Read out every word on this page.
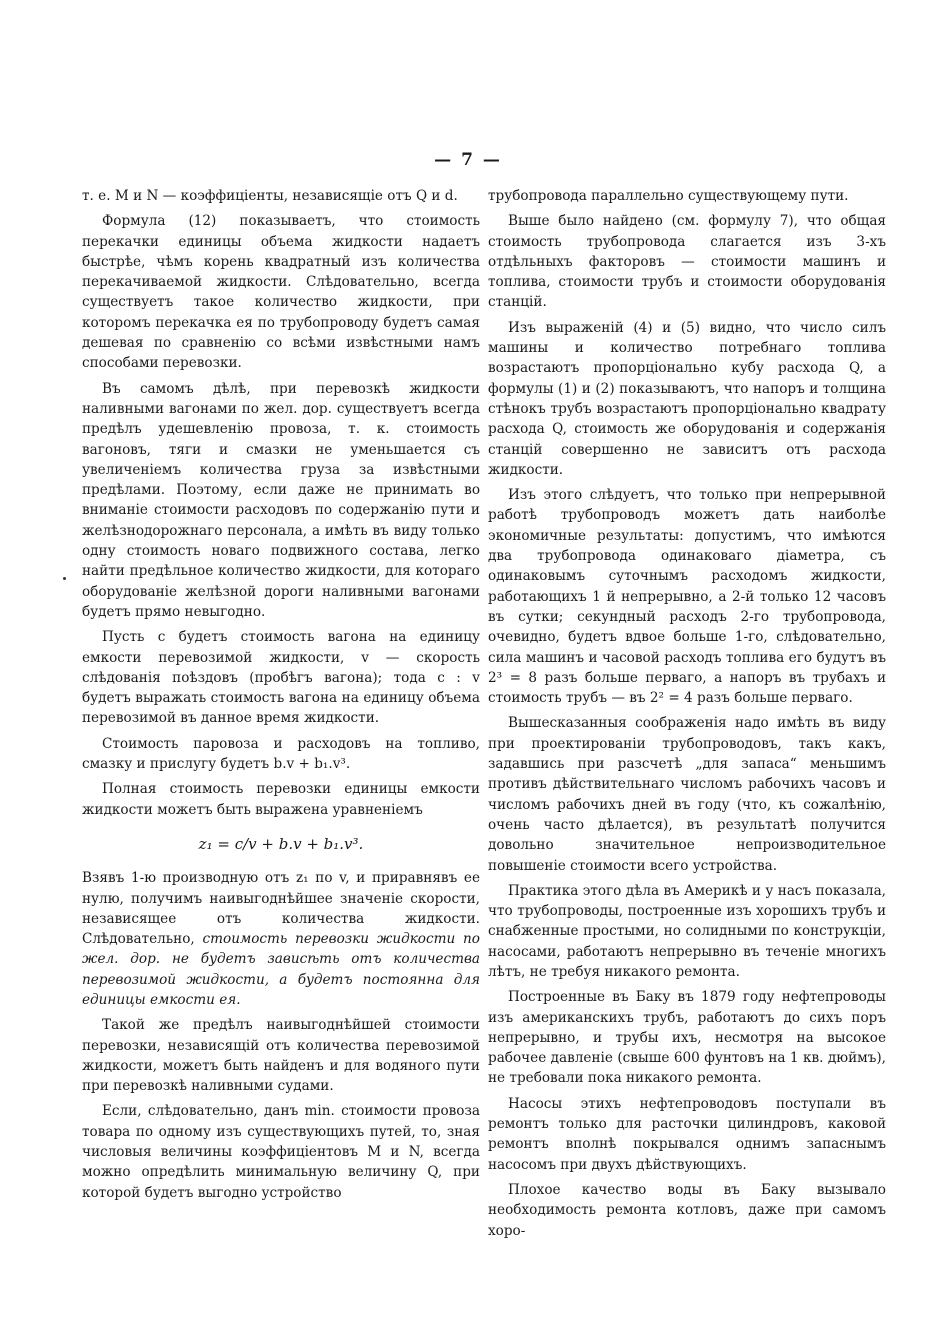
— 7 —

т. е. M и N — коэффиціенты, независящіе отъ Q и d.

Формула (12) показываетъ, что стоимость перекачки единицы объема жидкости надаетъ быстрѣе, чѣмъ корень квадратный изъ количества перекачиваемой жидкости. Слѣдовательно, всегда существуетъ такое количество жидкости, при которомъ перекачка ея по трубопроводу будетъ самая дешевая по сравненію со всѣми извѣстными намъ способами перевозки.

Въ самомъ дѣлѣ, при перевозкѣ жидкости наливными вагонами по жел. дор. существуетъ всегда предѣлъ удешевленію провоза, т. к. стоимость вагоновъ, тяги и смазки не уменьшается съ увеличеніемъ количества груза за извѣстными предѣлами. Поэтому, если даже не принимать во вниманіе стоимости расходовъ по содержанію пути и желѣзнодорожнаго персонала, а имѣть въ виду только одну стоимость новаго подвижного состава, легко найти предѣльное количество жидкости, для котораго оборудованіе желѣзной дороги наливными вагонами будетъ прямо невыгодно.

Пусть c будетъ стоимость вагона на единицу емкости перевозимой жидкости, v — скорость слѣдованія поѣздовъ (пробѣгъ вагона); тода c : v будетъ выражать стоимость вагона на единицу объема перевозимой въ данное время жидкости.

Стоимость паровоза и расходовъ на топливо, смазку и прислугу будетъ b.v + b₁.v³.

Полная стоимость перевозки единицы емкости жидкости можетъ быть выражена уравненіемъ

z₁ = c/v + b.v + b₁.v³.

Взявъ 1-ю производную отъ z₁ по v, и приравнявъ ее нулю, получимъ наивыгоднѣйшее значеніе скорости, независящее отъ количества жидкости. Слѣдовательно, стоимость перевозки жидкости по жел. дор. не будетъ зависѣть отъ количества перевозимой жидкости, а будетъ постоянна для единицы емкости ея.

Такой же предѣлъ наивыгоднѣйшей стоимости перевозки, независящій отъ количества перевозимой жидкости, можетъ быть найденъ и для водяного пути при перевозкѣ наливными судами.

Если, слѣдовательно, данъ min. стоимости провоза товара по одному изъ существующихъ путей, то, зная числовыя величины коэффиціентовъ M и N, всегда можно опредѣлить минимальную величину Q, при которой будетъ выгодно устройство

трубопровода параллельно существующему пути.

Выше было найдено (см. формулу 7), что общая стоимость трубопровода слагается изъ 3-хъ отдѣльныхъ факторовъ — стоимости машинъ и топлива, стоимости трубъ и стоимости оборудованія станцій.

Изъ выраженій (4) и (5) видно, что число силъ машины и количество потребнаго топлива возрастаютъ пропорціонально кубу расхода Q, а формулы (1) и (2) показываютъ, что напоръ и толщина стѣнокъ трубъ возрастаютъ пропорціонально квадрату расхода Q, стоимость же оборудованія и содержанія станцій совершенно не зависитъ отъ расхода жидкости.

Изъ этого слѣдуетъ, что только при непрерывной работѣ трубопроводъ можетъ дать наиболѣе экономичные результаты: допустимъ, что имѣются два трубопровода одинаковаго діаметра, съ одинаковымъ суточнымъ расходомъ жидкости, работающихъ 1 й непрерывно, а 2-й только 12 часовъ въ сутки; секундный расходъ 2-го трубопровода, очевидно, будетъ вдвое больше 1-го, слѣдовательно, сила машинъ и часовой расходъ топлива его будутъ въ 2³ = 8 разъ больше перваго, а напоръ въ трубахъ и стоимость трубъ — въ 2² = 4 разъ больше перваго.

Вышесказанныя соображенія надо имѣть въ виду при проектированіи трубопроводовъ, такъ какъ, задавшись при разсчетѣ „для запаса“ меньшимъ противъ дѣйствительнаго числомъ рабочихъ часовъ и числомъ рабочихъ дней въ году (что, къ сожалѣнію, очень часто дѣлается), въ результатѣ получится довольно значительное непроизводительное повышеніе стоимости всего устройства.

Практика этого дѣла въ Америкѣ и у насъ показала, что трубопроводы, построенные изъ хорошихъ трубъ и снабженные простыми, но солидными по конструкціи, насосами, работаютъ непрерывно въ теченіе многихъ лѣтъ, не требуя никакого ремонта.

Построенные въ Баку въ 1879 году нефтепроводы изъ американскихъ трубъ, работаютъ до сихъ поръ непрерывно, и трубы ихъ, несмотря на высокое рабочее давленіе (свыше 600 фунтовъ на 1 кв. дюймъ), не требовали пока никакого ремонта.

Насосы этихъ нефтепроводовъ поступали въ ремонтъ только для расточки цилиндровъ, каковой ремонтъ вполнѣ покрывался однимъ запаснымъ насосомъ при двухъ дѣйствующихъ.

Плохое качество воды въ Баку вызывало необходимость ремонта котловъ, даже при самомъ хоро-
